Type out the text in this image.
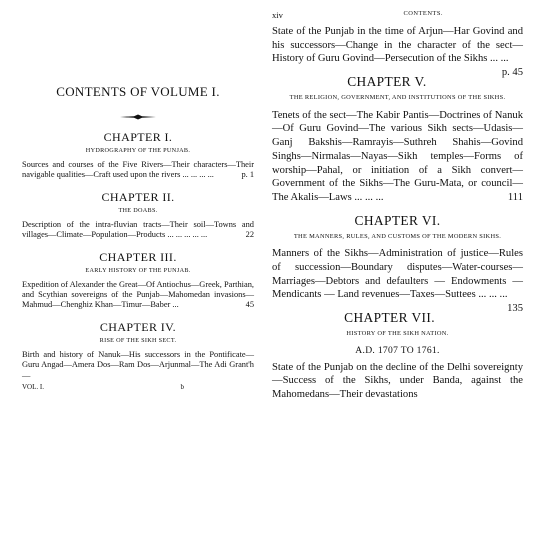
CONTENTS OF VOLUME I.
CHAPTER I.
HYDROGRAPHY OF THE PUNJAB.
Sources and courses of the Five Rivers—Their characters—Their navigable qualities—Craft used upon the rivers ... ... ... ...	p. 1
CHAPTER II.
THE DOABS.
Description of the intra-fluvian tracts—Their soil—Towns and villages—Climate—Population—Products ... ... ... ... ...	22
CHAPTER III.
EARLY HISTORY OF THE PUNJAB.
Expedition of Alexander the Great—Of Antiochus—Greek, Parthian, and Scythian sovereigns of the Punjab—Mahomedan invasions—Mahmud—Chenghiz Khan—Timur—Baber ...	45
CHAPTER IV.
RISE OF THE SIKH SECT.
Birth and history of Nanuk—His successors in the Pontificate—Guru Angad—Amera Dos—Ram Dos—Arjunmal—The Adi Grant'h—
VOL. I.	b
xiv	CONTENTS.
State of the Punjab in the time of Arjun—Har Govind and his successors—Change in the character of the sect—History of Guru Govind—Persecution of the Sikhs ... ...
p. 45
CHAPTER V.
THE RELIGION, GOVERNMENT, AND INSTITUTIONS OF THE SIKHS.
Tenets of the sect—The Kabir Pantis—Doctrines of Nanuk—Of Guru Govind—The various Sikh sects—Udasis—Ganj Bakshis—Ramrayis—Suthreh Shahis—Govind Singhs—Nirmalas—Nayas—Sikh temples—Forms of worship—Pahal, or initiation of a Sikh convert—Government of the Sikhs—The Guru-Mata, or council—The Akalis—Laws ... ... ...	111
CHAPTER VI.
THE MANNERS, RULES, AND CUSTOMS OF THE MODERN SIKHS.
Manners of the Sikhs—Administration of justice—Rules of succession—Boundary disputes—Water-courses—Marriages—Debtors and defaulters — Endowments — Mendicants — Land revenues—Taxes—Suttees ... ... ...
135
CHAPTER VII.
HISTORY OF THE SIKH NATION.
A.D. 1707 TO 1761.
State of the Punjab on the decline of the Delhi sovereignty—Success of the Sikhs, under Banda, against the Mahomedans—Their devastations
